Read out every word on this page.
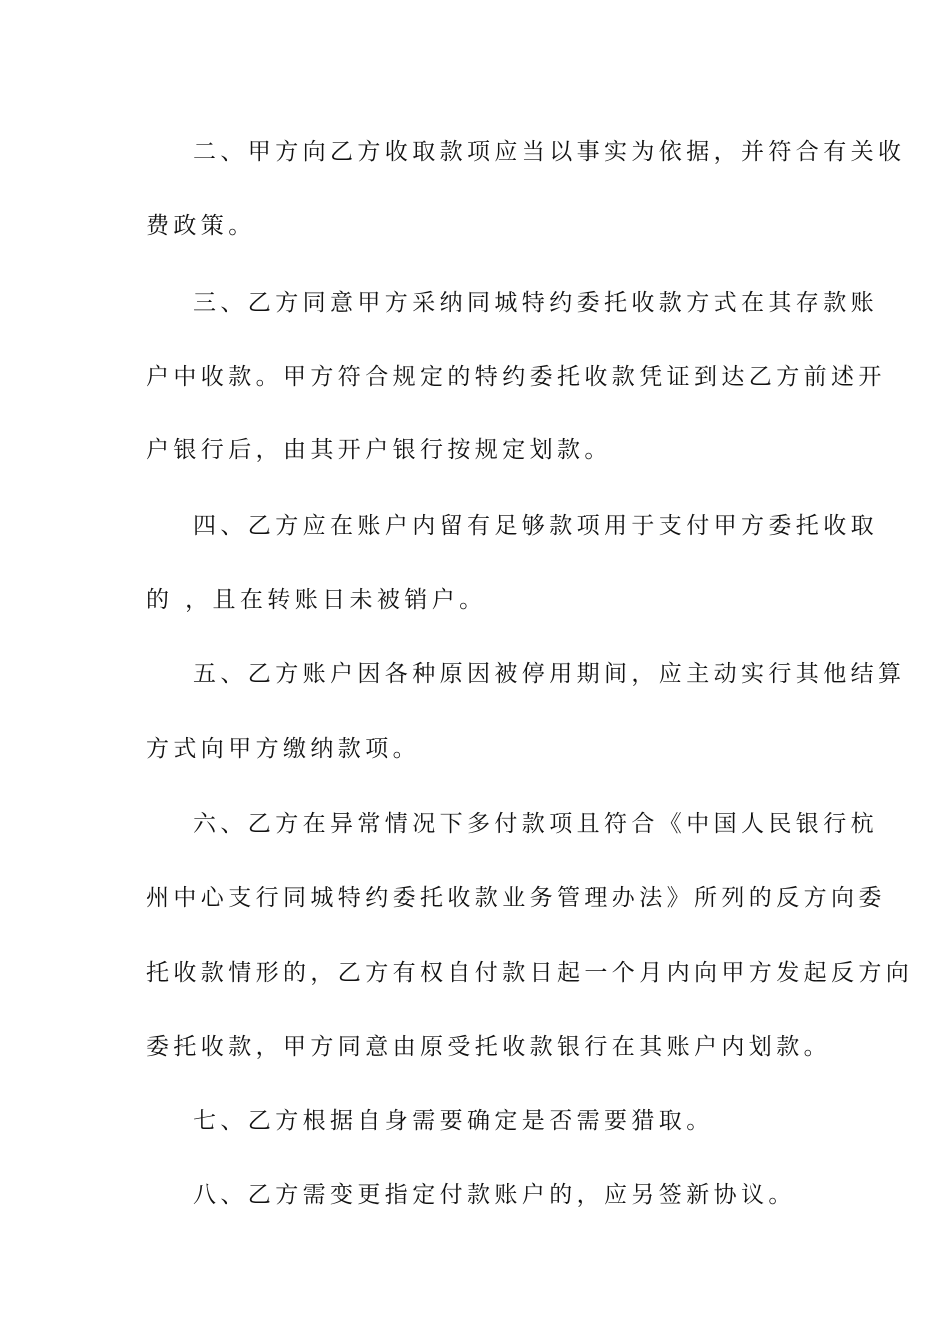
二、甲方向乙方收取款项应当以事实为依据，并符合有关收
费政策。
三、乙方同意甲方采纳同城特约委托收款方式在其存款账
户中收款。甲方符合规定的特约委托收款凭证到达乙方前述开
户银行后，由其开户银行按规定划款。
四、乙方应在账户内留有足够款项用于支付甲方委托收取
的 ，且在转账日未被销户。
五、乙方账户因各种原因被停用期间，应主动实行其他结算
方式向甲方缴纳款项。
六、乙方在异常情况下多付款项且符合《中国人民银行杭
州中心支行同城特约委托收款业务管理办法》所列的反方向委
托收款情形的，乙方有权自付款日起一个月内向甲方发起反方向
委托收款，甲方同意由原受托收款银行在其账户内划款。
七、乙方根据自身需要确定是否需要猎取。
八、乙方需变更指定付款账户的，应另签新协议。
